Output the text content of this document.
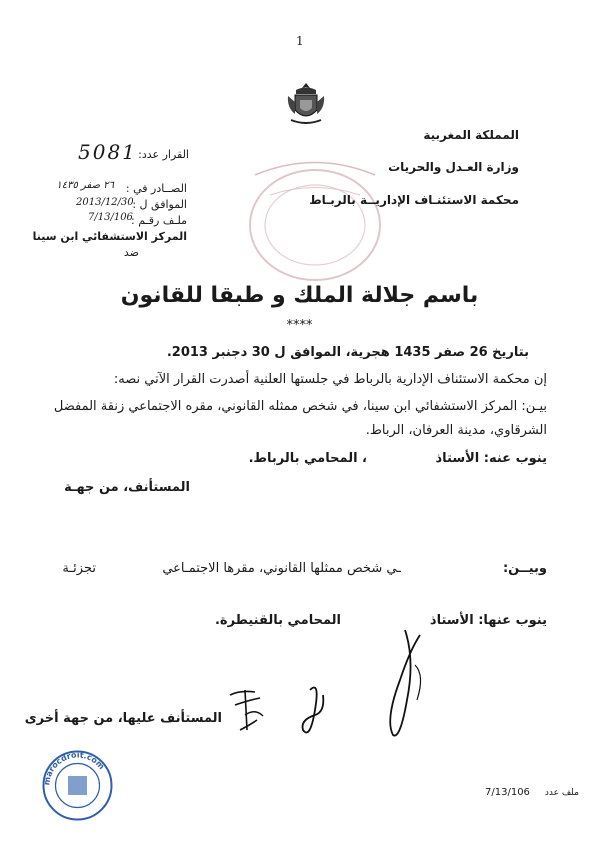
1
المملكة المغربية
وزارة العـدل والحريات
محكمة الاستئنـاف الإداريــة بالربـاط
القرار عدد:
5081
الصــادر في :
٢٦ صفر ١٤٣٥
الموافق ل :
2013/12/30
ملـف رقـم :
7/13/106
المركز الاستشفائي ابن سينا
ضد
باسم جلالة الملك و طبقا للقانون
****
بتاريخ 26 صفر 1435 هجرية، الموافق ل 30 دجنبر 2013.
إن محكمة الاستئناف الإدارية بالرباط في جلستها العلنية أصدرت القرار الآتي نصه:
بيـن: المركز الاستشفائي ابن سينا، في شخص ممثله القانوني، مقره الاجتماعي زنقة المفضل
الشرقاوي، مدينة العرفان، الرباط.
ينوب عنه: الأستاذ
، المحامي بالرباط.
المستأنف، من جهـة
وبيــن:
ـي شخص ممثلها القانوني، مقرها الاجتمـاعي
تجزئـة
ينوب عنها: الأستاذ
المحامي بالقنيطرة.
المستأنف عليها، من جهة أخرى
marocdroit.com
7/13/106 ملف عدد
